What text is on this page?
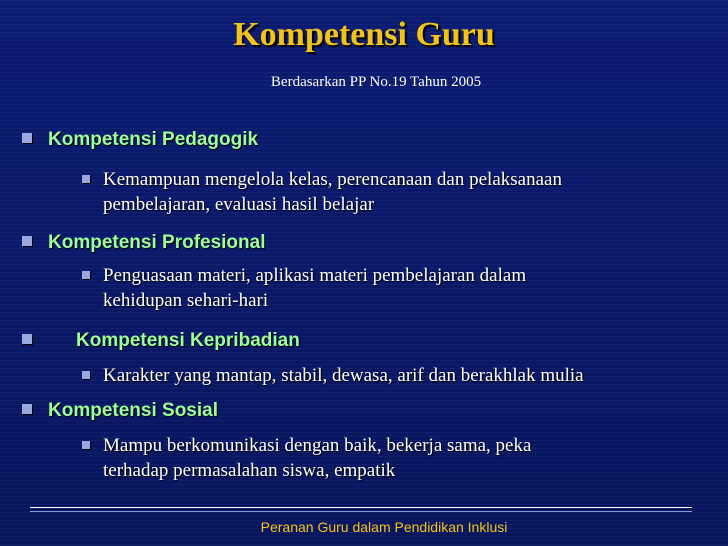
Kompetensi Guru
Berdasarkan PP No.19 Tahun 2005
Kompetensi Pedagogik
Kemampuan mengelola kelas, perencanaan dan pelaksanaan
pembelajaran, evaluasi hasil belajar
Kompetensi Profesional
Penguasaan materi, aplikasi materi pembelajaran dalam
kehidupan sehari-hari
Kompetensi Kepribadian
Karakter yang mantap, stabil, dewasa, arif dan berakhlak mulia
Kompetensi Sosial
Mampu berkomunikasi dengan baik, bekerja sama, peka
terhadap permasalahan siswa, empatik
Peranan Guru dalam Pendidikan Inklusi
